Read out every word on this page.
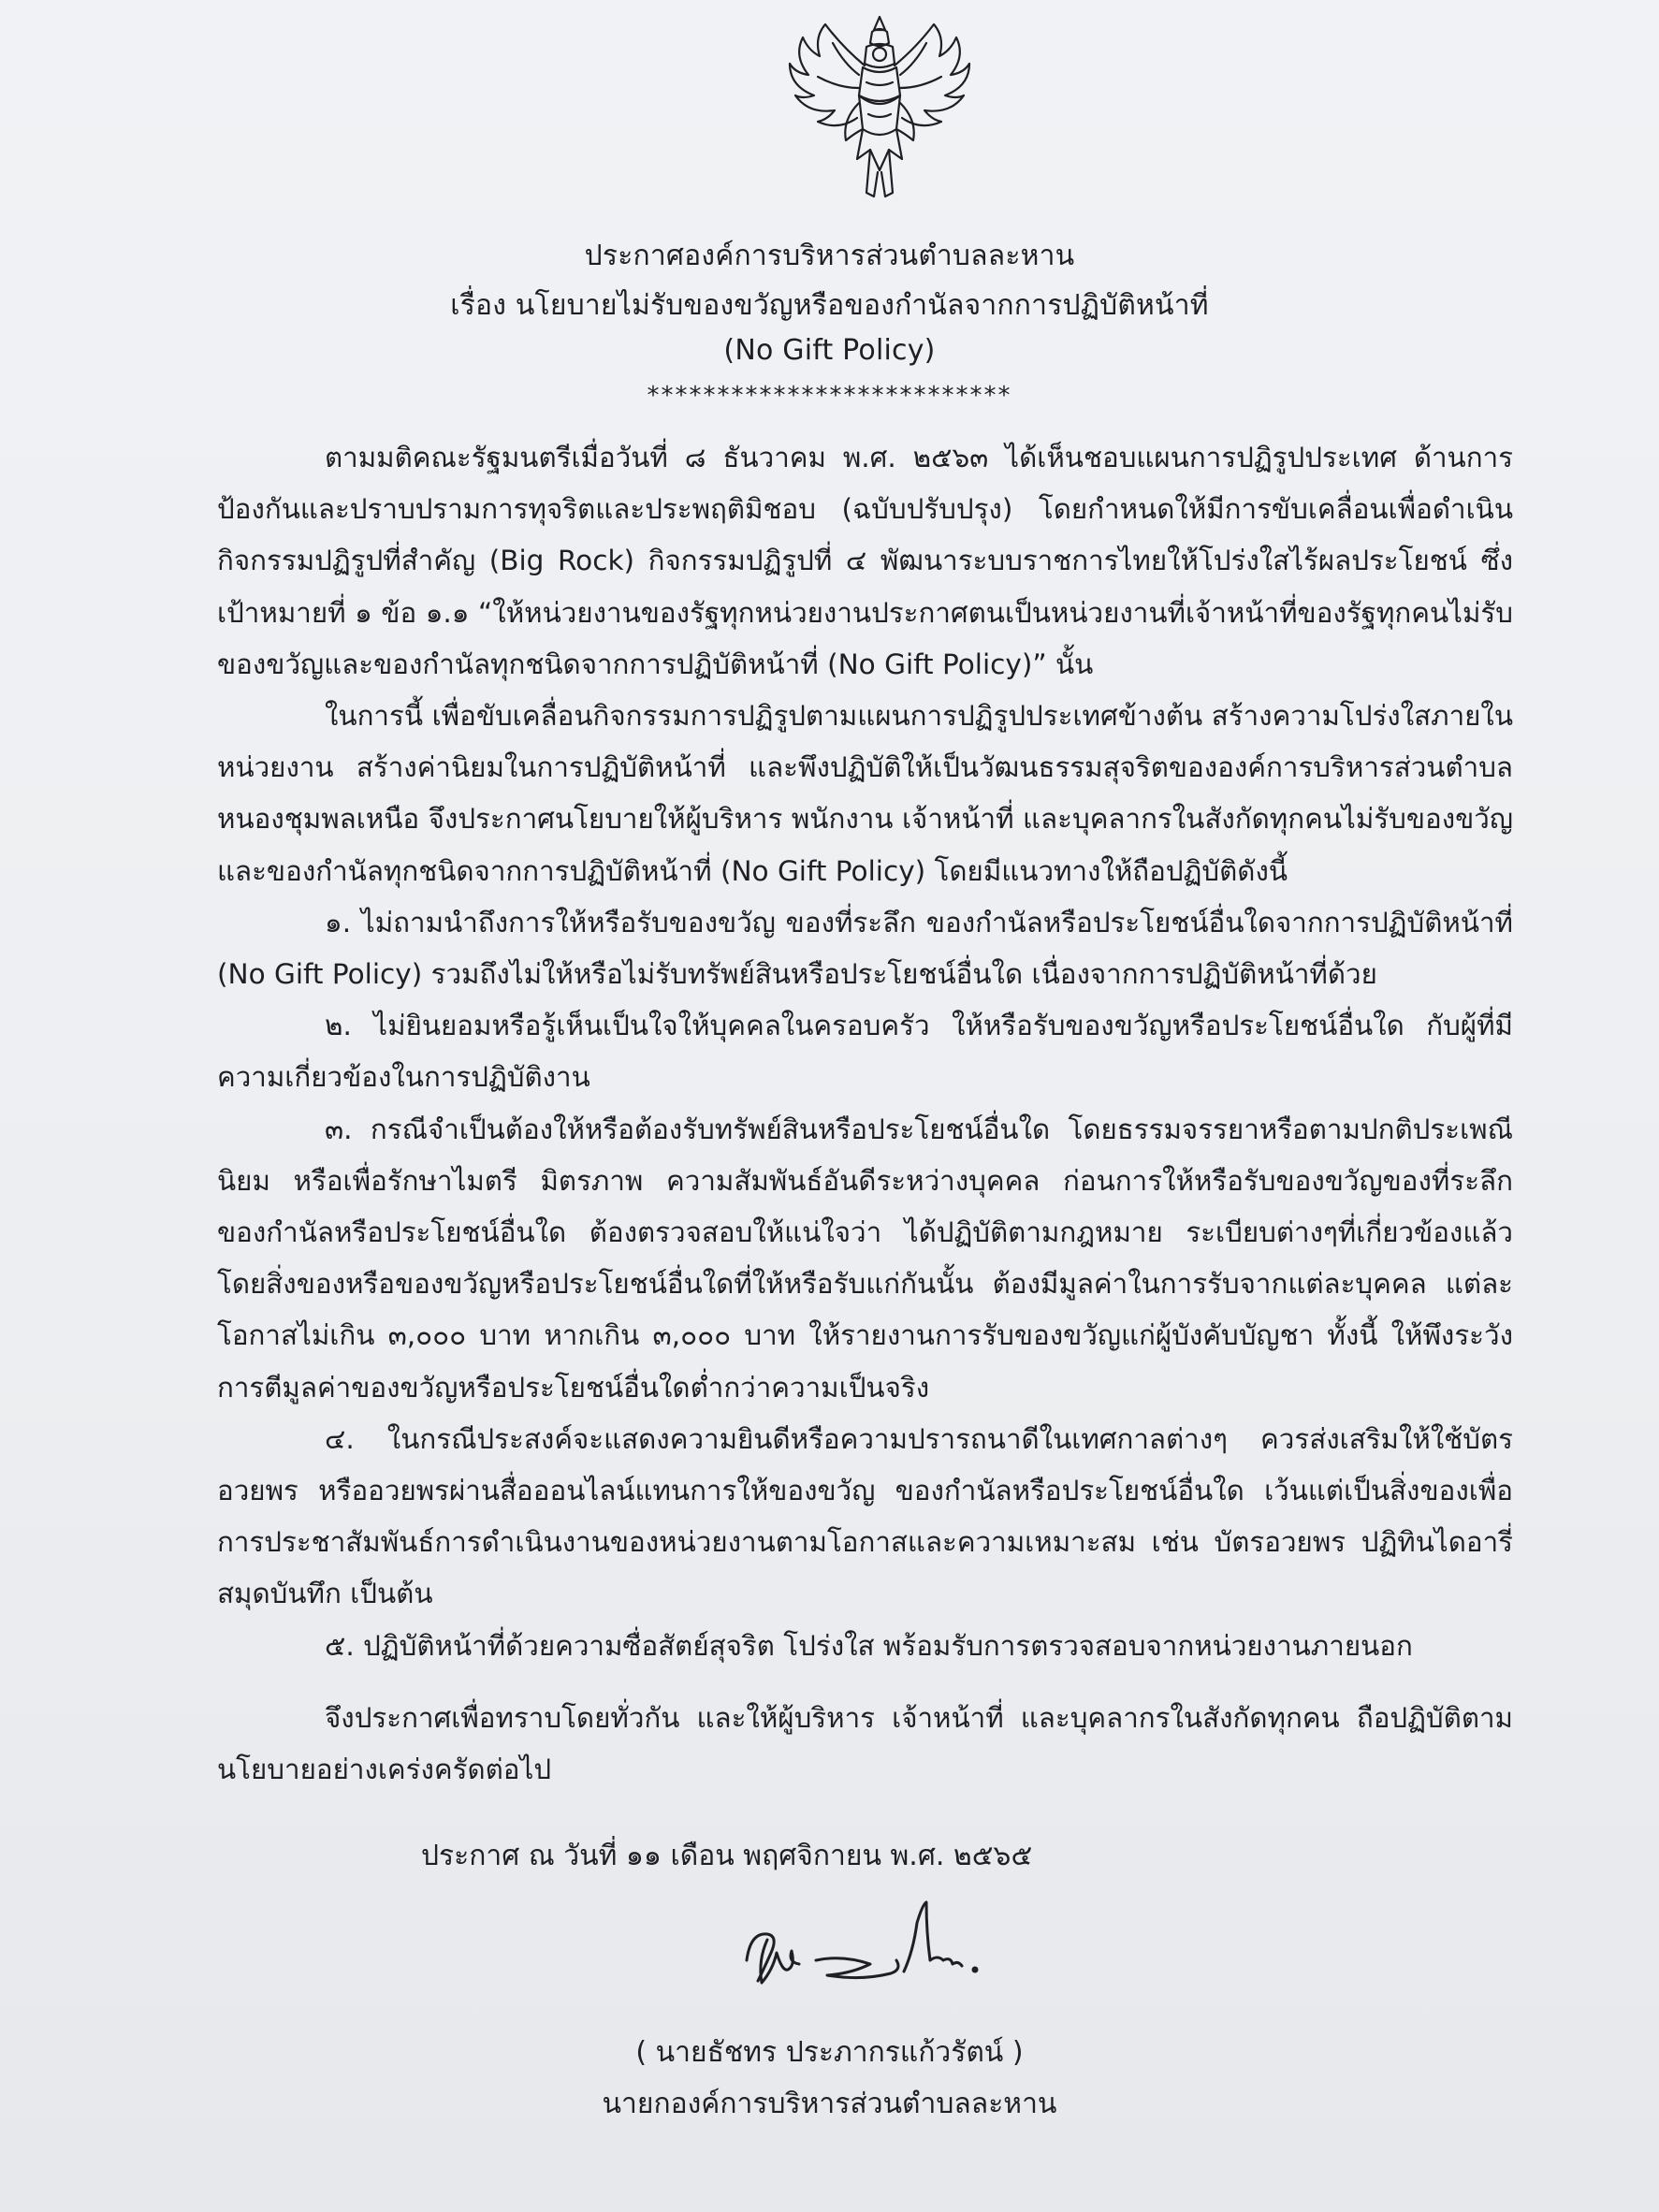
ประกาศองค์การบริหารส่วนตำบลละหาน
เรื่อง นโยบายไม่รับของขวัญหรือของกำนัลจากการปฏิบัติหน้าที่
(No Gift Policy)
**************************

ตามมติคณะรัฐมนตรีเมื่อวันที่ ๘ ธันวาคม พ.ศ. ๒๕๖๓ ได้เห็นชอบแผนการปฏิรูปประเทศ ด้านการป้องกันและปราบปรามการทุจริตและประพฤติมิชอบ (ฉบับปรับปรุง) โดยกำหนดให้มีการขับเคลื่อนเพื่อดำเนินกิจกรรมปฏิรูปที่สำคัญ (Big Rock) กิจกรรมปฏิรูปที่ ๔ พัฒนาระบบราชการไทยให้โปร่งใสไร้ผลประโยชน์ ซึ่งเป้าหมายที่ ๑ ข้อ ๑.๑ “ให้หน่วยงานของรัฐทุกหน่วยงานประกาศตนเป็นหน่วยงานที่เจ้าหน้าที่ของรัฐทุกคนไม่รับของขวัญและของกำนัลทุกชนิดจากการปฏิบัติหน้าที่ (No Gift Policy)” นั้น

ในการนี้ เพื่อขับเคลื่อนกิจกรรมการปฏิรูปตามแผนการปฏิรูปประเทศข้างต้น สร้างความโปร่งใสภายในหน่วยงาน สร้างค่านิยมในการปฏิบัติหน้าที่ และพึงปฏิบัติให้เป็นวัฒนธรรมสุจริตขององค์การบริหารส่วนตำบลหนองชุมพลเหนือ จึงประกาศนโยบายให้ผู้บริหาร พนักงาน เจ้าหน้าที่ และบุคลากรในสังกัดทุกคนไม่รับของขวัญและของกำนัลทุกชนิดจากการปฏิบัติหน้าที่ (No Gift Policy) โดยมีแนวทางให้ถือปฏิบัติดังนี้

๑. ไม่ถามนำถึงการให้หรือรับของขวัญ ของที่ระลึก ของกำนัลหรือประโยชน์อื่นใดจากการปฏิบัติหน้าที่ (No Gift Policy) รวมถึงไม่ให้หรือไม่รับทรัพย์สินหรือประโยชน์อื่นใด เนื่องจากการปฏิบัติหน้าที่ด้วย

๒. ไม่ยินยอมหรือรู้เห็นเป็นใจให้บุคคลในครอบครัว ให้หรือรับของขวัญหรือประโยชน์อื่นใด กับผู้ที่มีความเกี่ยวข้องในการปฏิบัติงาน

๓. กรณีจำเป็นต้องให้หรือต้องรับทรัพย์สินหรือประโยชน์อื่นใด โดยธรรมจรรยาหรือตามปกติประเพณีนิยม หรือเพื่อรักษาไมตรี มิตรภาพ ความสัมพันธ์อันดีระหว่างบุคคล ก่อนการให้หรือรับของขวัญของที่ระลึก ของกำนัลหรือประโยชน์อื่นใด ต้องตรวจสอบให้แน่ใจว่า ได้ปฏิบัติตามกฎหมาย ระเบียบต่างๆที่เกี่ยวข้องแล้ว โดยสิ่งของหรือของขวัญหรือประโยชน์อื่นใดที่ให้หรือรับแก่กันนั้น ต้องมีมูลค่าในการรับจากแต่ละบุคคล แต่ละโอกาสไม่เกิน ๓,๐๐๐ บาท หากเกิน ๓,๐๐๐ บาท ให้รายงานการรับของขวัญแก่ผู้บังคับบัญชา ทั้งนี้ ให้พึงระวังการตีมูลค่าของขวัญหรือประโยชน์อื่นใดต่ำกว่าความเป็นจริง

๔. ในกรณีประสงค์จะแสดงความยินดีหรือความปรารถนาดีในเทศกาลต่างๆ ควรส่งเสริมให้ใช้บัตรอวยพร หรืออวยพรผ่านสื่อออนไลน์แทนการให้ของขวัญ ของกำนัลหรือประโยชน์อื่นใด เว้นแต่เป็นสิ่งของเพื่อการประชาสัมพันธ์การดำเนินงานของหน่วยงานตามโอกาสและความเหมาะสม เช่น บัตรอวยพร ปฏิทินไดอารี่ สมุดบันทึก เป็นต้น

๕. ปฏิบัติหน้าที่ด้วยความซื่อสัตย์สุจริต โปร่งใส พร้อมรับการตรวจสอบจากหน่วยงานภายนอก

จึงประกาศเพื่อทราบโดยทั่วกัน และให้ผู้บริหาร เจ้าหน้าที่ และบุคลากรในสังกัดทุกคน ถือปฏิบัติตามนโยบายอย่างเคร่งครัดต่อไป

ประกาศ ณ วันที่ ๑๑ เดือน พฤศจิกายน พ.ศ. ๒๕๖๕
( นายธัชทร ประภากรแก้วรัตน์ )
นายกองค์การบริหารส่วนตำบลละหาน
